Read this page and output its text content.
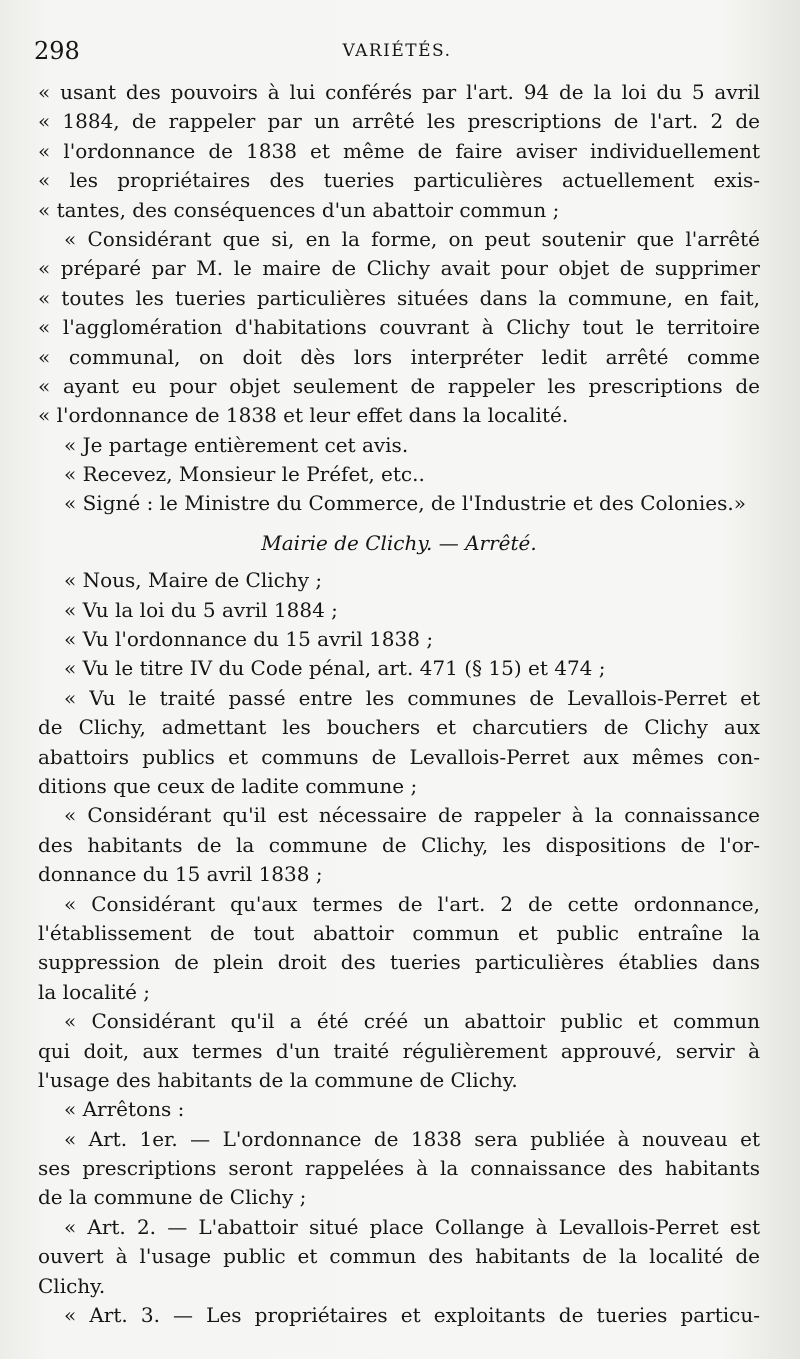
298	VARIÉTÉS.
« usant des pouvoirs à lui conférés par l'art. 94 de la loi du 5 avril
« 1884, de rappeler par un arrêté les prescriptions de l'art. 2 de
« l'ordonnance de 1838 et même de faire aviser individuellement
« les propriétaires des tueries particulières actuellement exis-
« tantes, des conséquences d'un abattoir commun ;
« Considérant que si, en la forme, on peut soutenir que l'arrêté
« préparé par M. le maire de Clichy avait pour objet de supprimer
« toutes les tueries particulières situées dans la commune, en fait,
« l'agglomération d'habitations couvrant à Clichy tout le territoire
« communal, on doit dès lors interpréter ledit arrêté comme
« ayant eu pour objet seulement de rappeler les prescriptions de
« l'ordonnance de 1838 et leur effet dans la localité.
« Je partage entièrement cet avis.
« Recevez, Monsieur le Préfet, etc..
« Signé : le Ministre du Commerce, de l'Industrie et des Colonies.»
Mairie de Clichy. — Arrêté.
« Nous, Maire de Clichy ;
« Vu la loi du 5 avril 1884 ;
« Vu l'ordonnance du 15 avril 1838 ;
« Vu le titre IV du Code pénal, art. 471 (§ 15) et 474 ;
« Vu le traité passé entre les communes de Levallois-Perret et
de Clichy, admettant les bouchers et charcutiers de Clichy aux
abattoirs publics et communs de Levallois-Perret aux mêmes con-
ditions que ceux de ladite commune ;
« Considérant qu'il est nécessaire de rappeler à la connaissance
des habitants de la commune de Clichy, les dispositions de l'or-
donnance du 15 avril 1838 ;
« Considérant qu'aux termes de l'art. 2 de cette ordonnance,
l'établissement de tout abattoir commun et public entraîne la
suppression de plein droit des tueries particulières établies dans
la localité ;
« Considérant qu'il a été créé un abattoir public et commun
qui doit, aux termes d'un traité régulièrement approuvé, servir à
l'usage des habitants de la commune de Clichy.
« Arrêtons :
« Art. 1er. — L'ordonnance de 1838 sera publiée à nouveau et
ses prescriptions seront rappelées à la connaissance des habitants
de la commune de Clichy ;
« Art. 2. — L'abattoir situé place Collange à Levallois-Perret est
ouvert à l'usage public et commun des habitants de la localité de
Clichy.
« Art. 3. — Les propriétaires et exploitants de tueries particu-
